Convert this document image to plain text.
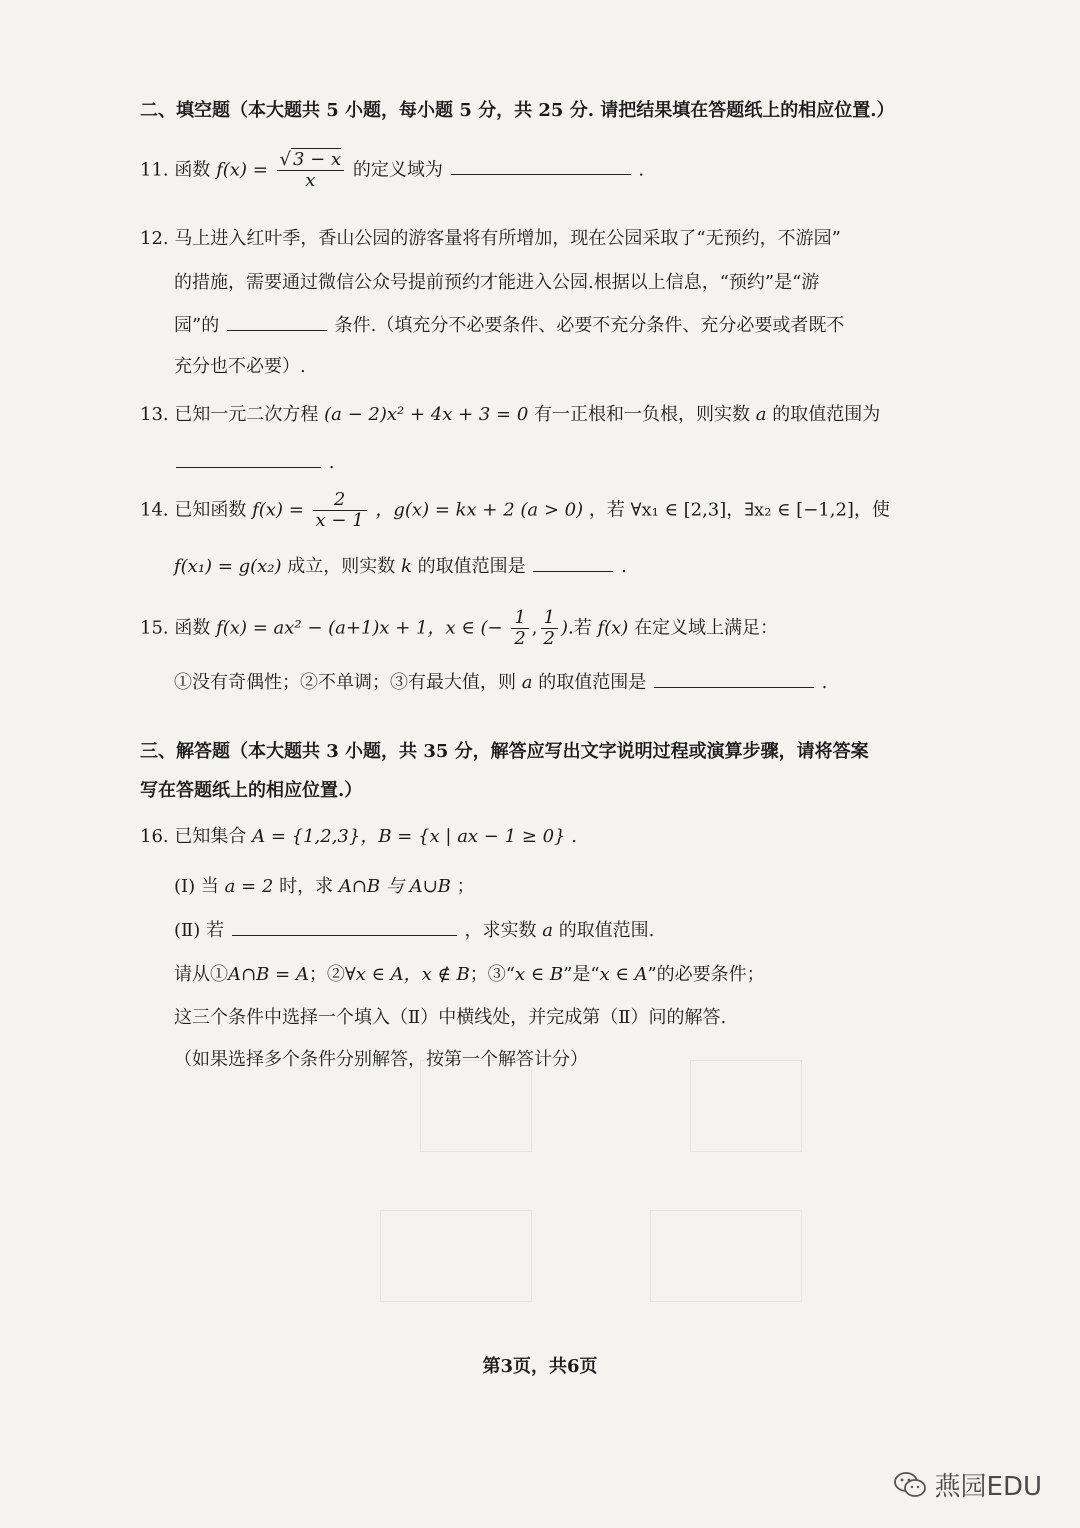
二、填空题（本大题共 5 小题，每小题 5 分，共 25 分. 请把结果填在答题纸上的相应位置.）
11. 函数 $f(x) = \frac{√ 3 - x}{x}$ 的定义域为	.
12. 马上进入红叶季，香山公园的游客量将有所增加，现在公园采取了“无预约，不游园”
的措施，需要通过微信公众号提前预约才能进入公园.根据以上信息，“预约”是“游
园”的	条件.（填充分不必要条件、必要不充分条件、充分必要或者既不
充分也不必要）.
13. 已知一元二次方程 (a − 2)x² + 4x + 3 = 0 有一正根和一负根，则实数 a 的取值范围为
.
14. 已知函数 $f(x) = \frac{2}{x - 1}$ ，g(x) = kx + 2 (a > 0) ，若 ∀x₁ ∈ [2,3]，∃x₂ ∈ [−1,2]，使
f(x₁) = g(x₂) 成立，则实数 k 的取值范围是	.
15. 函数 f(x) = ax² − (a+1)x + 1，x ∈ (− $\frac{1}{2}$ , $\frac{1}{2}$ ).若 f(x) 在定义域上满足：
①没有奇偶性；②不单调；③有最大值，则 a 的取值范围是	.
三、解答题（本大题共 3 小题，共 35 分，解答应写出文字说明过程或演算步骤，请将答案
写在答题纸上的相应位置.）
16. 已知集合 A = {1,2,3}，B = {x | ax − 1 ≥ 0} .
(Ⅰ) 当 a = 2 时，求 A∩B 与 A∪B ；
(Ⅱ) 若	，求实数 a 的取值范围.
请从①A∩B = A；②∀x ∈ A，x ∉ B；③“x ∈ B”是“x ∈ A”的必要条件；
这三个条件中选择一个填入（Ⅱ）中横线处，并完成第（Ⅱ）问的解答.
（如果选择多个条件分别解答，按第一个解答计分）
第3页，共6页
燕园EDU
